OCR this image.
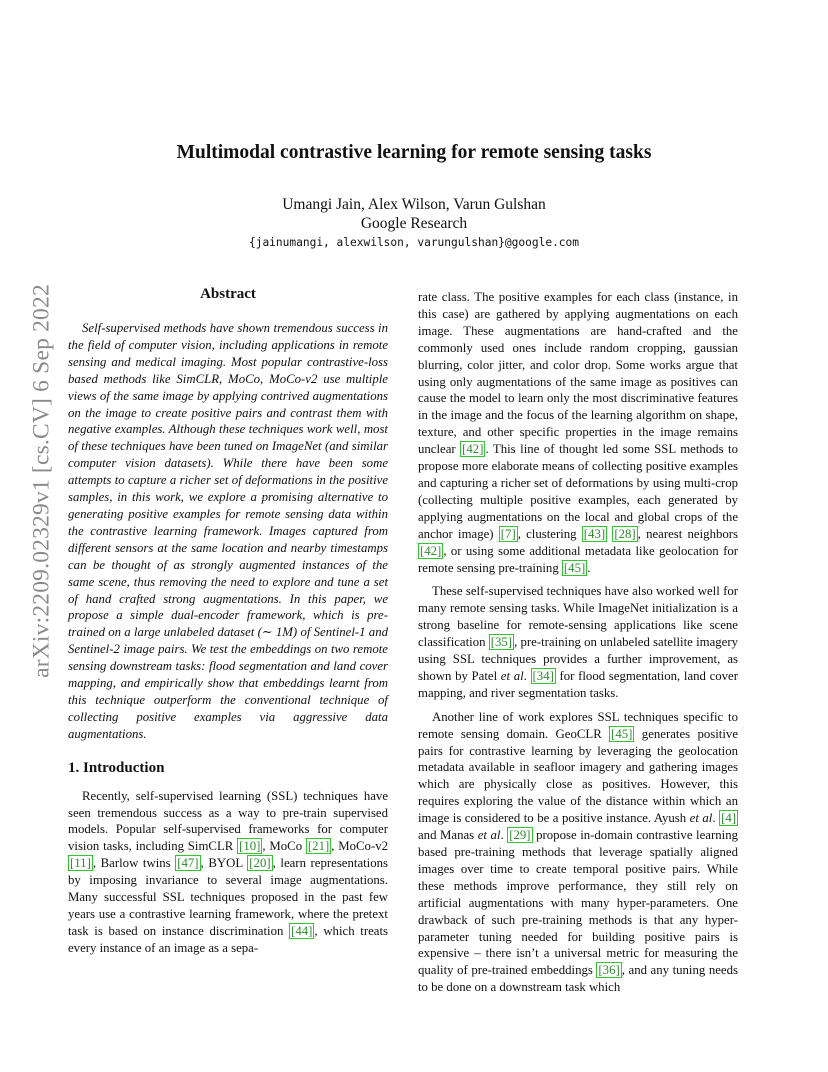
Multimodal contrastive learning for remote sensing tasks
Umangi Jain, Alex Wilson, Varun Gulshan
Google Research
{jainumangi, alexwilson, varungulshan}@google.com
arXiv:2209.02329v1 [cs.CV] 6 Sep 2022	Abstract

Self-supervised methods have shown tremendous success in the field of computer vision, including applications in remote sensing and medical imaging. Most popular contrastive-loss based methods like SimCLR, MoCo, MoCo-v2 use multiple views of the same image by applying contrived augmentations on the image to create positive pairs and contrast them with negative examples. Although these techniques work well, most of these techniques have been tuned on ImageNet (and similar computer vision datasets). While there have been some attempts to capture a richer set of deformations in the positive samples, in this work, we explore a promising alternative to generating positive examples for remote sensing data within the contrastive learning framework. Images captured from different sensors at the same location and nearby timestamps can be thought of as strongly augmented instances of the same scene, thus removing the need to explore and tune a set of hand crafted strong augmentations. In this paper, we propose a simple dual-encoder framework, which is pre-trained on a large unlabeled dataset (∼ 1M) of Sentinel-1 and Sentinel-2 image pairs. We test the embeddings on two remote sensing downstream tasks: flood segmentation and land cover mapping, and empirically show that embeddings learnt from this technique outperform the conventional technique of collecting positive examples via aggressive data augmentations.

1. Introduction

Recently, self-supervised learning (SSL) techniques have seen tremendous success as a way to pre-train supervised models. Popular self-supervised frameworks for computer vision tasks, including SimCLR [10] , MoCo [21] , MoCo-v2 [11] , Barlow twins [47] , BYOL [20] , learn representations by imposing invariance to several image augmentations. Many successful SSL techniques proposed in the past few years use a contrastive learning framework, where the pretext task is based on instance discrimination [44] , which treats every instance of an image as a sepa-

rate class. The positive examples for each class (instance, in this case) are gathered by applying augmentations on each image. These augmentations are hand-crafted and the commonly used ones include random cropping, gaussian blurring, color jitter, and color drop. Some works argue that using only augmentations of the same image as positives can cause the model to learn only the most discriminative features in the image and the focus of the learning algorithm on shape, texture, and other specific properties in the image remains unclear [42] . This line of thought led some SSL methods to propose more elaborate means of collecting positive examples and capturing a richer set of deformations by using multi-crop (collecting multiple positive examples, each generated by applying augmentations on the local and global crops of the anchor image) [7] , clustering [43] [28] , nearest neighbors [42] , or using some additional metadata like geolocation for remote sensing pre-training [45] .

These self-supervised techniques have also worked well for many remote sensing tasks. While ImageNet initialization is a strong baseline for remote-sensing applications like scene classification [35] , pre-training on unlabeled satellite imagery using SSL techniques provides a further improvement, as shown by Patel et al. [34] for flood segmentation, land cover mapping, and river segmentation tasks.

Another line of work explores SSL techniques specific to remote sensing domain. GeoCLR [45] generates positive pairs for contrastive learning by leveraging the geolocation metadata available in seafloor imagery and gathering images which are physically close as positives. However, this requires exploring the value of the distance within which an image is considered to be a positive instance. Ayush et al. [4] and Manas et al. [29] propose in-domain contrastive learning based pre-training methods that leverage spatially aligned images over time to create temporal positive pairs. While these methods improve performance, they still rely on artificial augmentations with many hyper-parameters. One drawback of such pre-training methods is that any hyper-parameter tuning needed for building positive pairs is expensive – there isn’t a universal metric for measuring the quality of pre-trained embeddings [36] , and any tuning needs to be done on a downstream task which
